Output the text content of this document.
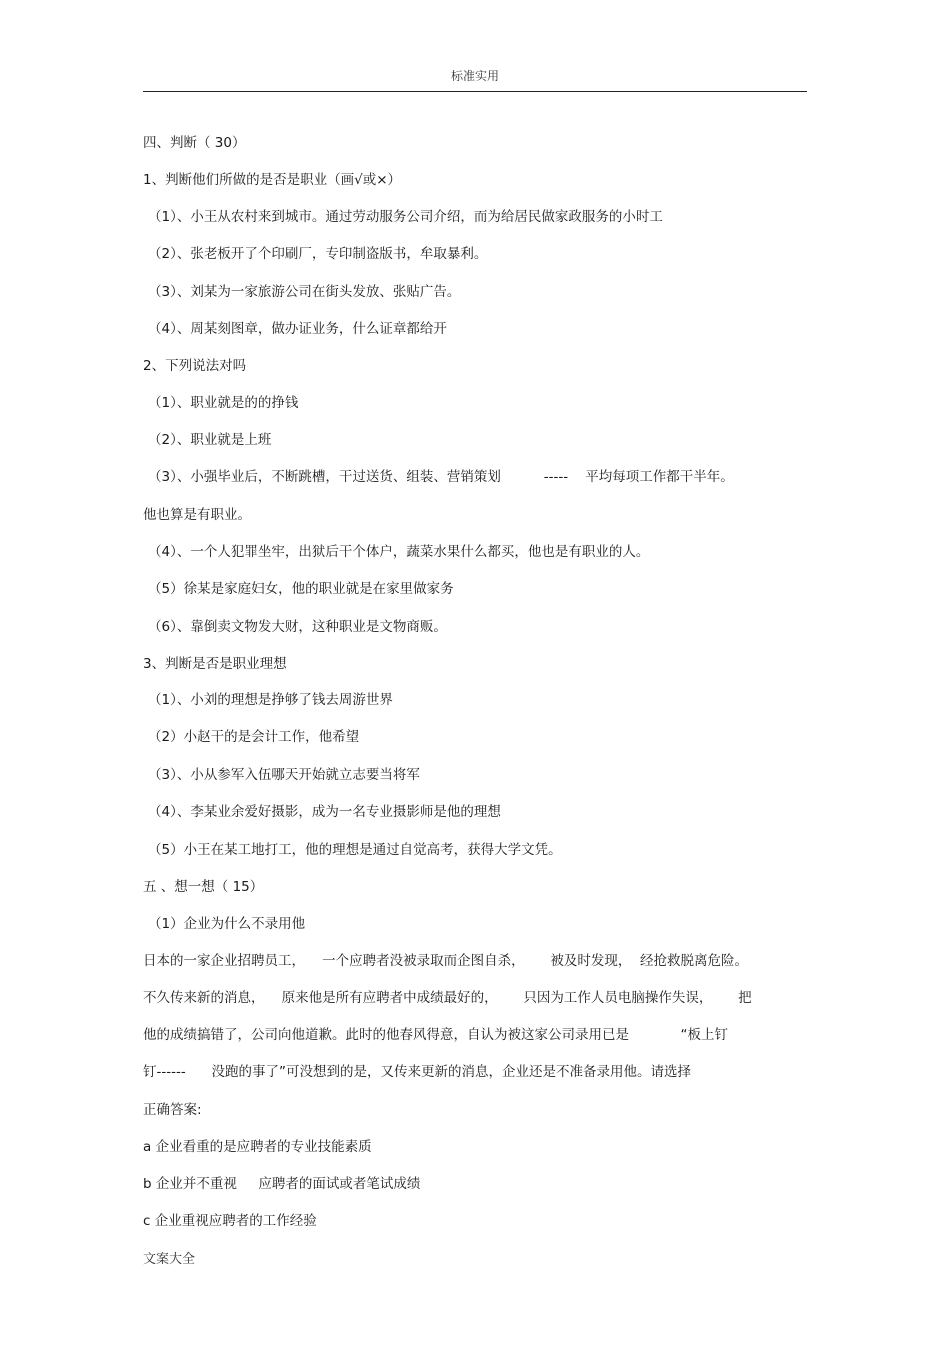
标准实用
四、判断（ 30）
1、判断他们所做的是否是职业（画√或×）
（1）、小王从农村来到城市。通过劳动服务公司介绍，而为给居民做家政服务的小时工
（2）、张老板开了个印刷厂，专印制盗版书，牟取暴利。
（3）、刘某为一家旅游公司在街头发放、张贴广告。
（4）、周某刻图章，做办证业务，什么证章都给开
2、下列说法对吗
（1）、职业就是的的挣钱
（2）、职业就是上班
（3）、小强毕业后，不断跳槽，干过送货、组装、营销策划          -----    平均每项工作都干半年。
他也算是有职业。
（4）、一个人犯罪坐牢，出狱后干个体户，蔬菜水果什么都买，他也是有职业的人。
（5）徐某是家庭妇女，他的职业就是在家里做家务
（6）、靠倒卖文物发大财，这种职业是文物商贩。
3、判断是否是职业理想
（1）、小刘的理想是挣够了钱去周游世界
（2）小赵干的是会计工作，他希望
（3）、小从参军入伍哪天开始就立志要当将军
（4）、李某业余爱好摄影，成为一名专业摄影师是他的理想
（5）小王在某工地打工，他的理想是通过自觉高考，获得大学文凭。
五 、想一想（ 15）
（1）企业为什么不录用他
日本的一家企业招聘员工，    一个应聘者没被录取而企图自杀，      被及时发现，  经抢救脱离危险。
不久传来新的消息，    原来他是所有应聘者中成绩最好的，      只因为工作人员电脑操作失误，      把
他的成绩搞错了，公司向他道歉。此时的他春风得意，自认为被这家公司录用已是            “板上钉
钉------      没跑的事了”可没想到的是，又传来更新的消息，企业还是不准备录用他。请选择
正确答案:
a 企业看重的是应聘者的专业技能素质
b 企业并不重视     应聘者的面试或者笔试成绩
c 企业重视应聘者的工作经验
文案大全
